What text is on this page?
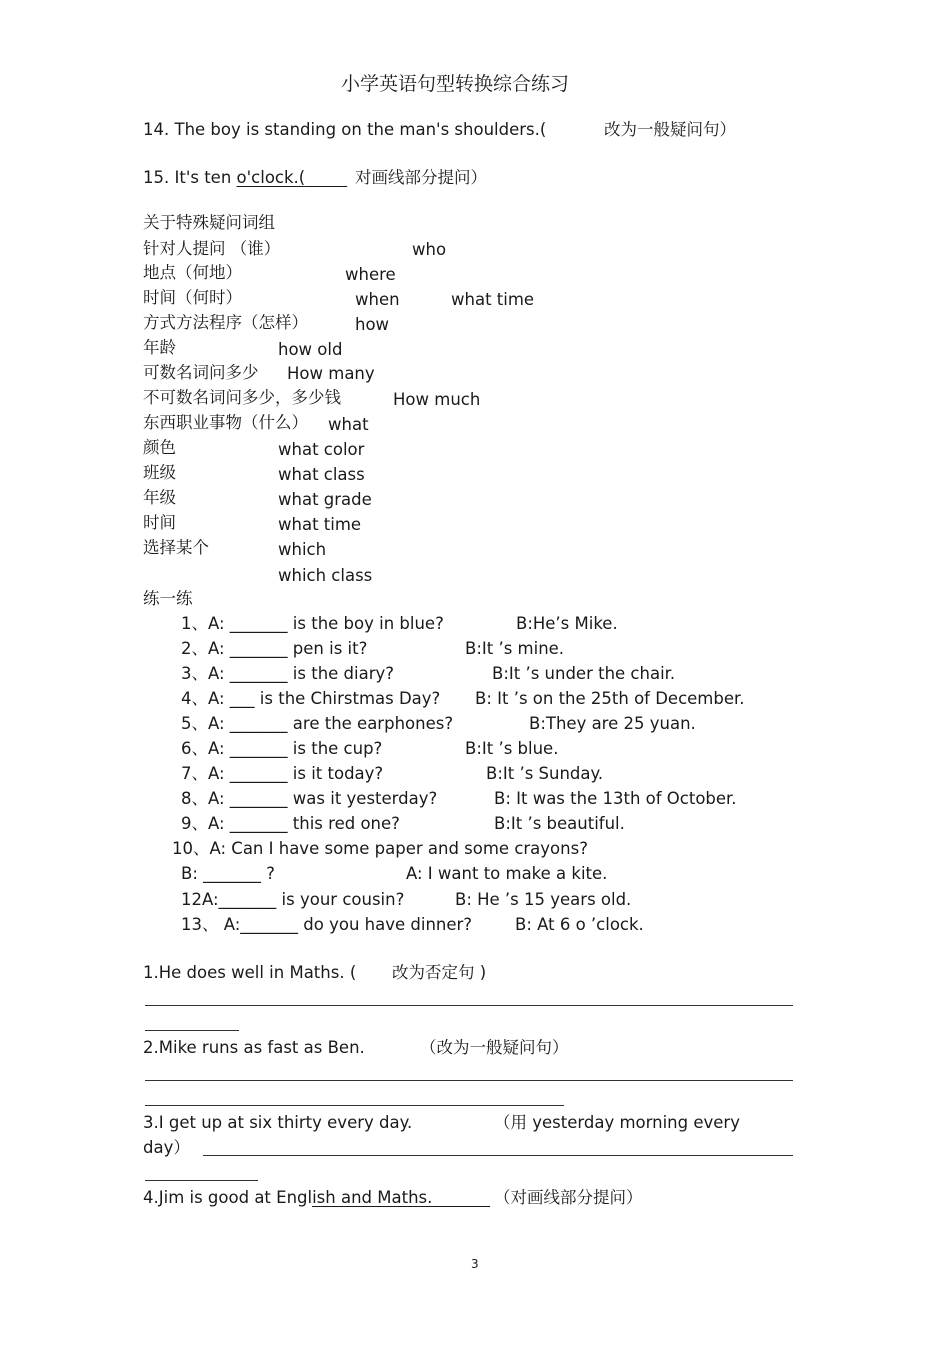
小学英语句型转换综合练习
14. The boy is standing on the man's shoulders.(	改为一般疑问句）
15. It's ten o'clock.(	对画线部分提问）
关于特殊疑问词组
针对人提问 （谁）	who
地点（何地）	where
时间（何时）	when	what time
方式方法程序（怎样）	how
年龄	how old
可数名词问多少 How many
不可数名词问多少，多少钱	How much
东西职业事物（什么） what
颜色	what color
班级	what class
年级	what grade
时间	what time
选择某个	which
which class
练一练
1、A: _______ is the boy in blue?	B:He’s Mike.
2、A: _______ pen is it?	B:It ’s mine.
3、A: _______ is the diary?	B:It ’s under the chair.
4、A: ___ is the Chirstmas Day? B: It ’s on the 25th of December.
5、A: _______ are the earphones?	B:They are 25 yuan.
6、A: _______ is the cup?	B:It ’s blue.
7、A: _______ is it today?	B:It ’s Sunday.
8、A: _______ was it yesterday?	B: It was the 13th of October.
9、A: _______ this red one?	B:It ’s beautiful.
10、A: Can I have some paper and some crayons?
B: _______ ?	A: I want to make a kite.
12A:_______ is your cousin?	B: He ’s 15 years old.
13、 A:_______ do you have dinner?	B: At 6 o ’clock.
1.He does well in Maths. ( 改为否定句 )
2.Mike runs as fast as Ben.	（改为一般疑问句）
3.I get up at six thirty every day.	（用 yesterday morning every
day）
4.Jim is good at English and Maths.	（对画线部分提问）
3
